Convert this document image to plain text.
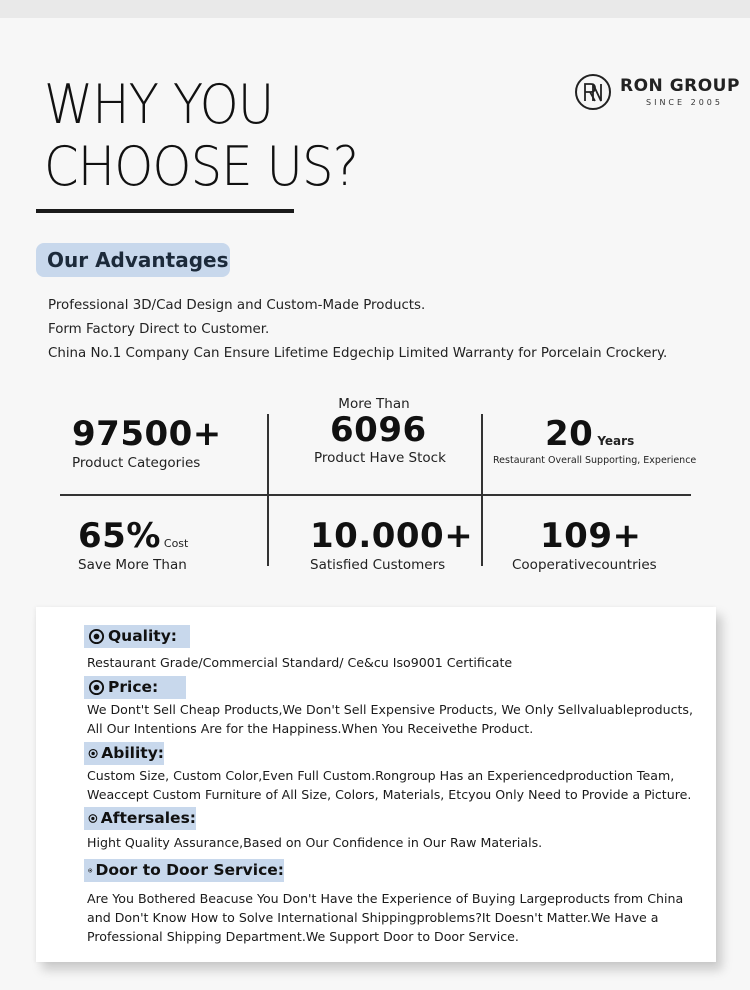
WHY YOU
CHOOSE US?
RON GROUP
SINCE 2005
Our Advantages
Professional 3D/Cad Design and Custom-Made Products.
Form Factory Direct to Customer.
China No.1 Company Can Ensure Lifetime Edgechip Limited Warranty for Porcelain Crockery.
97500+
Product Categories
More Than
6096
Product Have Stock
20 Years
Restaurant Overall Supporting, Experience
65% Cost
Save More Than
10.000+
Satisfied Customers
109+
Cooperativecountries
Quality:
Restaurant Grade/Commercial Standard/ Ce&cu Iso9001 Certificate
Price:
We Dont't Sell Cheap Products,We Don't Sell Expensive Products, We Only Sellvaluableproducts,
All Our Intentions Are for the Happiness.When You Receivethe Product.
Ability:
Custom Size, Custom Color,Even Full Custom.Rongroup Has an Experiencedproduction Team,
Weaccept Custom Furniture of All Size, Colors, Materials, Etcyou Only Need to Provide a Picture.
Aftersales:
Hight Quality Assurance,Based on Our Confidence in Our Raw Materials.
Door to Door Service:
Are You Bothered Beacuse You Don't Have the Experience of Buying Largeproducts from China
and Don't Know How to Solve International Shippingproblems?It Doesn't Matter.We Have a
Professional Shipping Department.We Support Door to Door Service.
